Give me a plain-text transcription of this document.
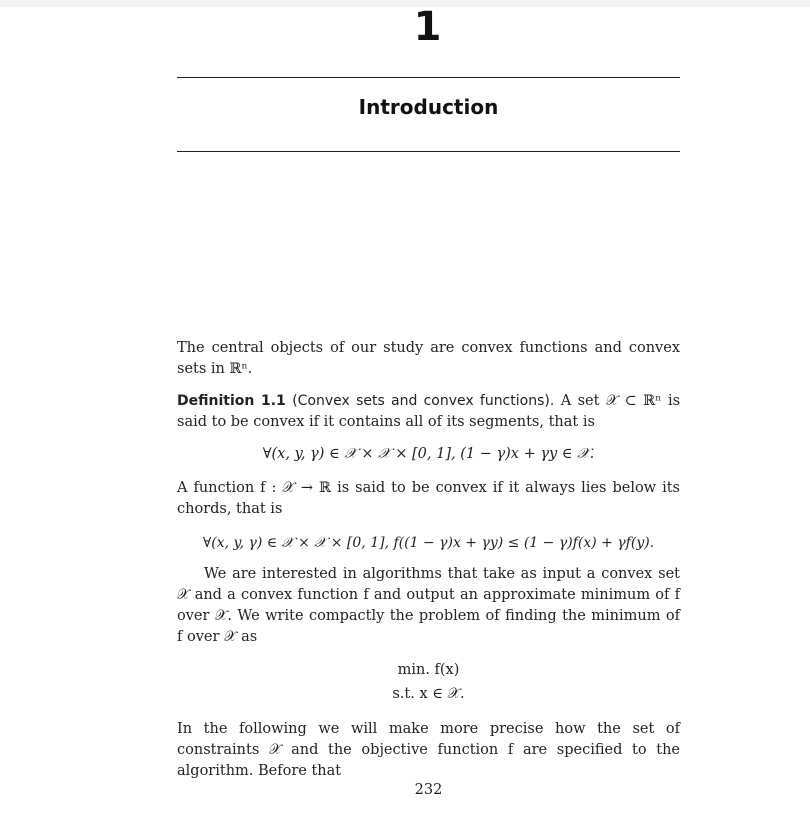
1
Introduction
The central objects of our study are convex functions and convex sets in ℝⁿ.
Definition 1.1 (Convex sets and convex functions). A set 𝒳 ⊂ ℝⁿ is said to be convex if it contains all of its segments, that is
∀(x, y, γ) ∈ 𝒳 × 𝒳 × [0, 1], (1 − γ)x + γy ∈ 𝒳.
A function f : 𝒳 → ℝ is said to be convex if it always lies below its chords, that is
∀(x, y, γ) ∈ 𝒳 × 𝒳 × [0, 1], f((1 − γ)x + γy) ≤ (1 − γ)f(x) + γf(y).
We are interested in algorithms that take as input a convex set 𝒳 and a convex function f and output an approximate minimum of f over 𝒳. We write compactly the problem of finding the minimum of f over 𝒳 as
min. f(x)
s.t. x ∈ 𝒳.
In the following we will make more precise how the set of constraints 𝒳 and the objective function f are specified to the algorithm. Before that
232
